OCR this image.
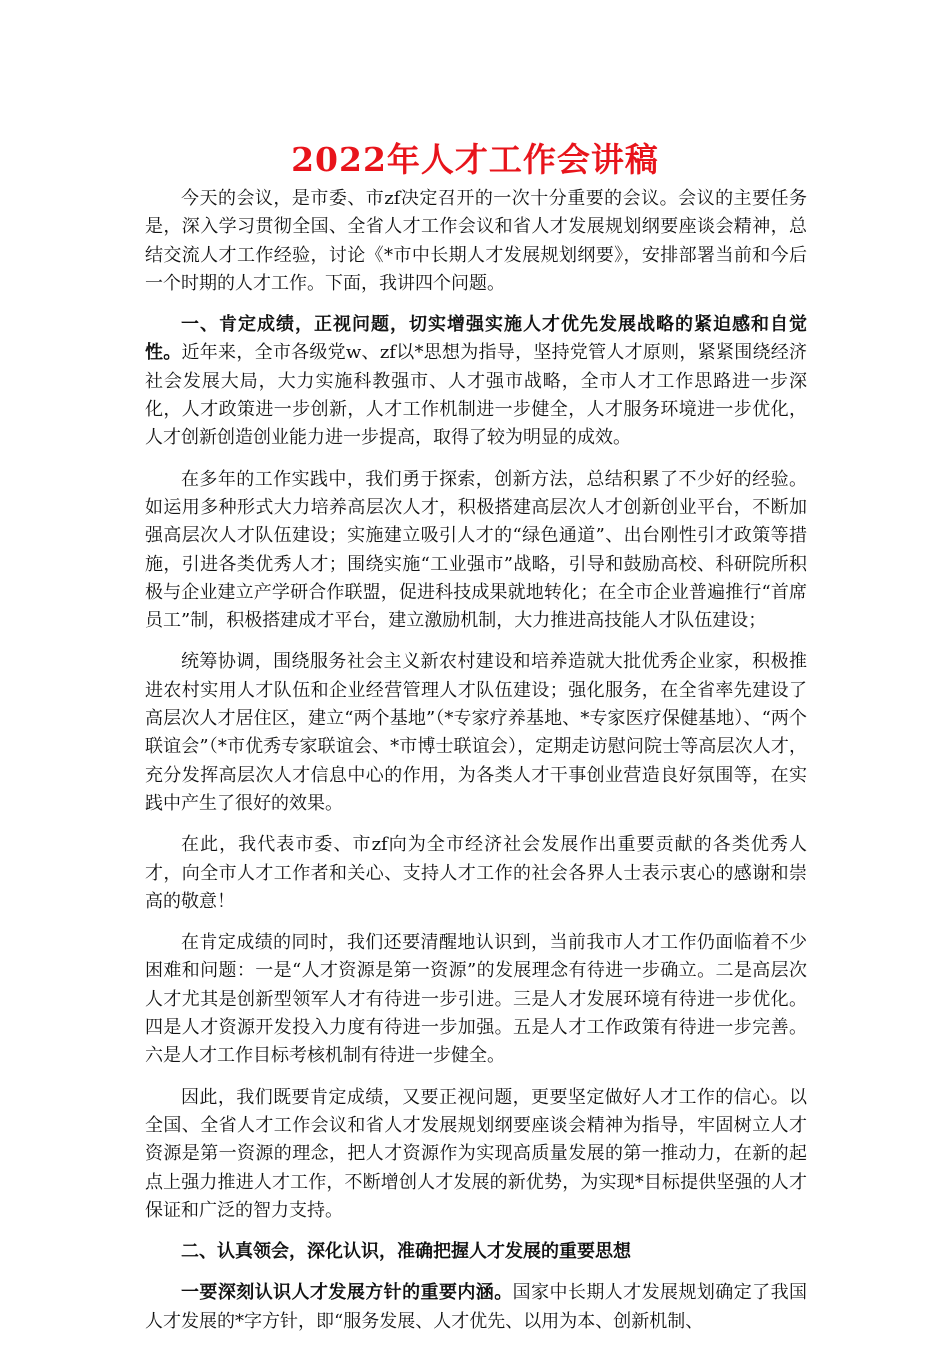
2022年人才工作会讲稿

今天的会议，是市委、市zf决定召开的一次十分重要的会议。会议的主要任务是，深入学习贯彻全国、全省人才工作会议和省人才发展规划纲要座谈会精神，总结交流人才工作经验，讨论《*市中长期人才发展规划纲要》，安排部署当前和今后一个时期的人才工作。下面，我讲四个问题。

一、肯定成绩，正视问题，切实增强实施人才优先发展战略的紧迫感和自觉性。近年来，全市各级党w、zf以*思想为指导，坚持党管人才原则，紧紧围绕经济社会发展大局，大力实施科教强市、人才强市战略，全市人才工作思路进一步深化，人才政策进一步创新，人才工作机制进一步健全，人才服务环境进一步优化，人才创新创造创业能力进一步提高，取得了较为明显的成效。

在多年的工作实践中，我们勇于探索，创新方法，总结积累了不少好的经验。如运用多种形式大力培养高层次人才，积极搭建高层次人才创新创业平台，不断加强高层次人才队伍建设；实施建立吸引人才的“绿色通道”、出台刚性引才政策等措施，引进各类优秀人才；围绕实施“工业强市”战略，引导和鼓励高校、科研院所积极与企业建立产学研合作联盟，促进科技成果就地转化；在全市企业普遍推行“首席员工”制，积极搭建成才平台，建立激励机制，大力推进高技能人才队伍建设；

统筹协调，围绕服务社会主义新农村建设和培养造就大批优秀企业家，积极推进农村实用人才队伍和企业经营管理人才队伍建设；强化服务，在全省率先建设了高层次人才居住区，建立“两个基地”（*专家疗养基地、*专家医疗保健基地）、“两个联谊会”（*市优秀专家联谊会、*市博士联谊会），定期走访慰问院士等高层次人才，充分发挥高层次人才信息中心的作用，为各类人才干事创业营造良好氛围等，在实践中产生了很好的效果。

在此，我代表市委、市zf向为全市经济社会发展作出重要贡献的各类优秀人才，向全市人才工作者和关心、支持人才工作的社会各界人士表示衷心的感谢和崇高的敬意！

在肯定成绩的同时，我们还要清醒地认识到，当前我市人才工作仍面临着不少困难和问题：一是“人才资源是第一资源”的发展理念有待进一步确立。二是高层次人才尤其是创新型领军人才有待进一步引进。三是人才发展环境有待进一步优化。四是人才资源开发投入力度有待进一步加强。五是人才工作政策有待进一步完善。六是人才工作目标考核机制有待进一步健全。

因此，我们既要肯定成绩，又要正视问题，更要坚定做好人才工作的信心。以全国、全省人才工作会议和省人才发展规划纲要座谈会精神为指导，牢固树立人才资源是第一资源的理念，把人才资源作为实现高质量发展的第一推动力，在新的起点上强力推进人才工作，不断增创人才发展的新优势，为实现*目标提供坚强的人才保证和广泛的智力支持。

二、认真领会，深化认识，准确把握人才发展的重要思想

一要深刻认识人才发展方针的重要内涵。国家中长期人才发展规划确定了我国人才发展的*字方针，即“服务发展、人才优先、以用为本、创新机制、
